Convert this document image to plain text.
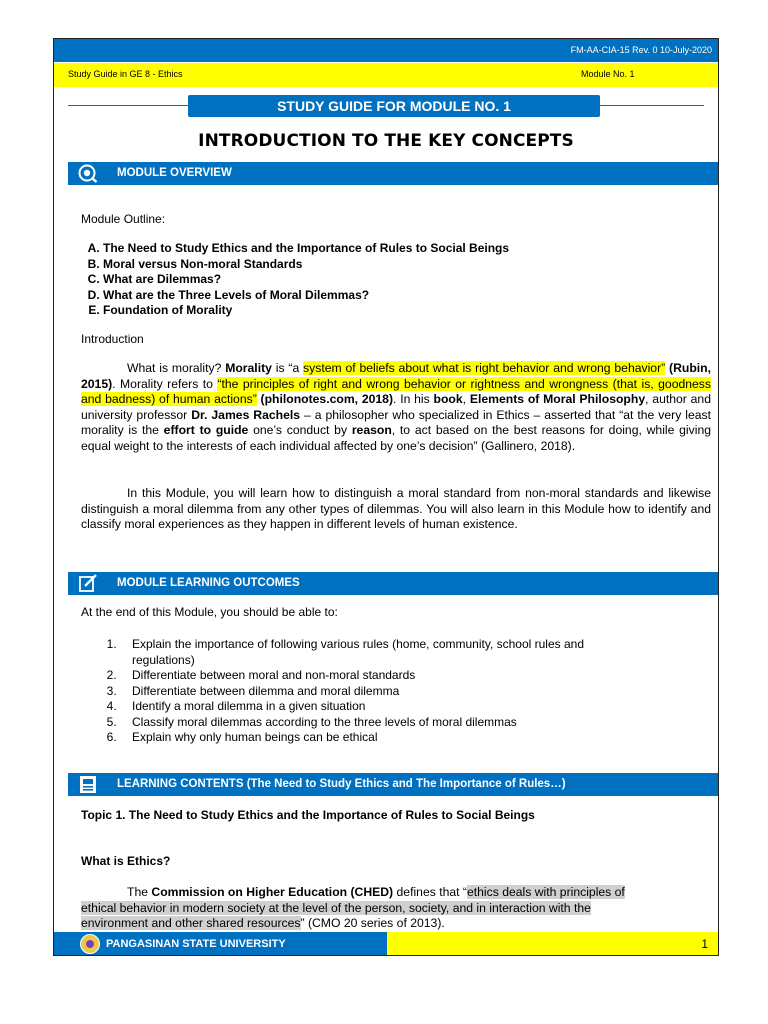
FM-AA-CIA-15 Rev. 0 10-July-2020
Study Guide in GE 8 - Ethics	Module No. 1
STUDY GUIDE FOR MODULE NO. 1
INTRODUCTION TO THE KEY CONCEPTS
MODULE OVERVIEW
Module Outline:
A. The Need to Study Ethics and the Importance of Rules to Social Beings
B. Moral versus Non-moral Standards
C. What are Dilemmas?
D. What are the Three Levels of Moral Dilemmas?
E. Foundation of Morality
Introduction
What is morality? Morality is “a system of beliefs about what is right behavior and wrong behavior” (Rubin, 2015). Morality refers to “the principles of right and wrong behavior or rightness and wrongness (that is, goodness and badness) of human actions” (philonotes.com, 2018). In his book, Elements of Moral Philosophy, author and university professor Dr. James Rachels – a philosopher who specialized in Ethics – asserted that “at the very least morality is the effort to guide one’s conduct by reason, to act based on the best reasons for doing, while giving equal weight to the interests of each individual affected by one’s decision” (Gallinero, 2018).
In this Module, you will learn how to distinguish a moral standard from non-moral standards and likewise distinguish a moral dilemma from any other types of dilemmas. You will also learn in this Module how to identify and classify moral experiences as they happen in different levels of human existence.
MODULE LEARNING OUTCOMES
At the end of this Module, you should be able to:
1. Explain the importance of following various rules (home, community, school rules and regulations)
2. Differentiate between moral and non-moral standards
3. Differentiate between dilemma and moral dilemma
4. Identify a moral dilemma in a given situation
5. Classify moral dilemmas according to the three levels of moral dilemmas
6. Explain why only human beings can be ethical
LEARNING CONTENTS (The Need to Study Ethics and The Importance of Rules…)
Topic 1. The Need to Study Ethics and the Importance of Rules to Social Beings
What is Ethics?
The Commission on Higher Education (CHED) defines that “ethics deals with principles of ethical behavior in modern society at the level of the person, society, and in interaction with the environment and other shared resources” (CMO 20 series of 2013).
PANGASINAN STATE UNIVERSITY	1
